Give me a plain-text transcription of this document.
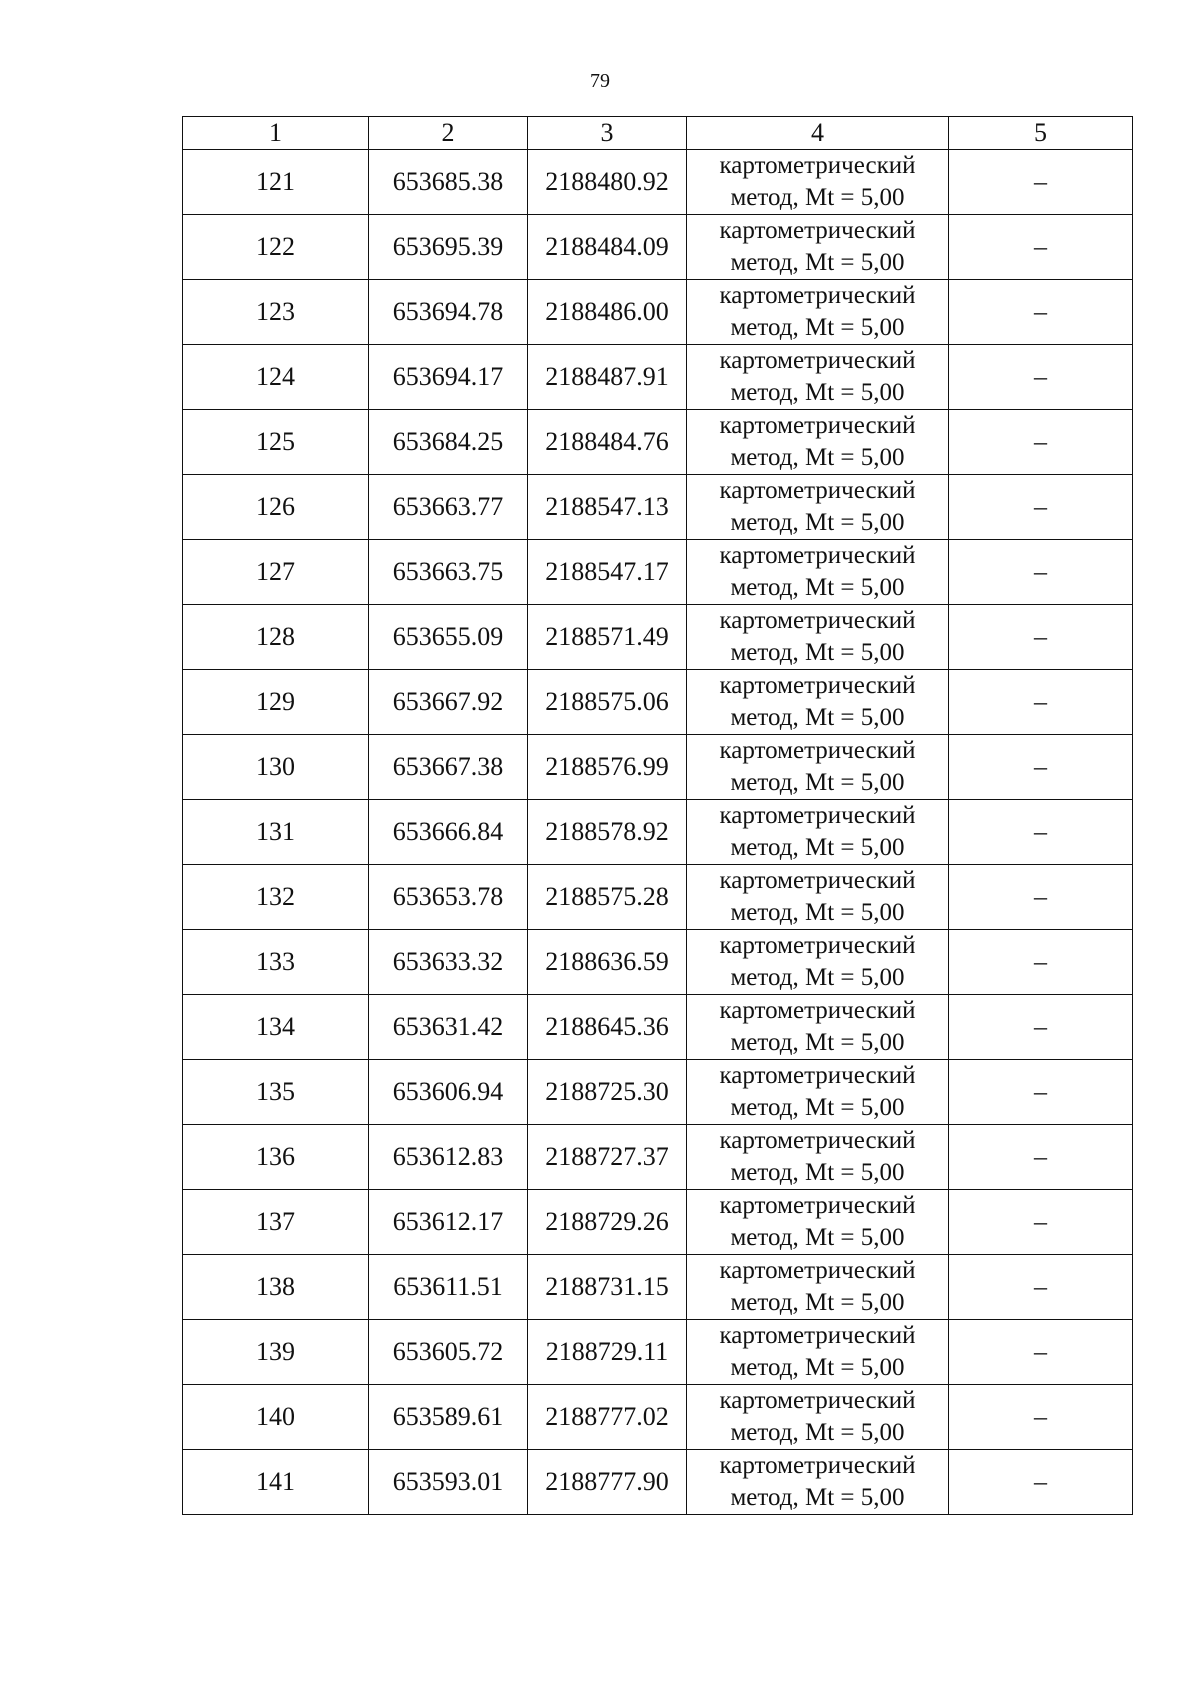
79
1	2	3	4	5
121	653685.38	2188480.92	картометрический
метод, Mt = 5,00	–
122	653695.39	2188484.09	картометрический
метод, Mt = 5,00	–
123	653694.78	2188486.00	картометрический
метод, Mt = 5,00	–
124	653694.17	2188487.91	картометрический
метод, Mt = 5,00	–
125	653684.25	2188484.76	картометрический
метод, Mt = 5,00	–
126	653663.77	2188547.13	картометрический
метод, Mt = 5,00	–
127	653663.75	2188547.17	картометрический
метод, Mt = 5,00	–
128	653655.09	2188571.49	картометрический
метод, Mt = 5,00	–
129	653667.92	2188575.06	картометрический
метод, Mt = 5,00	–
130	653667.38	2188576.99	картометрический
метод, Mt = 5,00	–
131	653666.84	2188578.92	картометрический
метод, Mt = 5,00	–
132	653653.78	2188575.28	картометрический
метод, Mt = 5,00	–
133	653633.32	2188636.59	картометрический
метод, Mt = 5,00	–
134	653631.42	2188645.36	картометрический
метод, Mt = 5,00	–
135	653606.94	2188725.30	картометрический
метод, Mt = 5,00	–
136	653612.83	2188727.37	картометрический
метод, Mt = 5,00	–
137	653612.17	2188729.26	картометрический
метод, Mt = 5,00	–
138	653611.51	2188731.15	картометрический
метод, Mt = 5,00	–
139	653605.72	2188729.11	картометрический
метод, Mt = 5,00	–
140	653589.61	2188777.02	картометрический
метод, Mt = 5,00	–
141	653593.01	2188777.90	картометрический
метод, Mt = 5,00	–
